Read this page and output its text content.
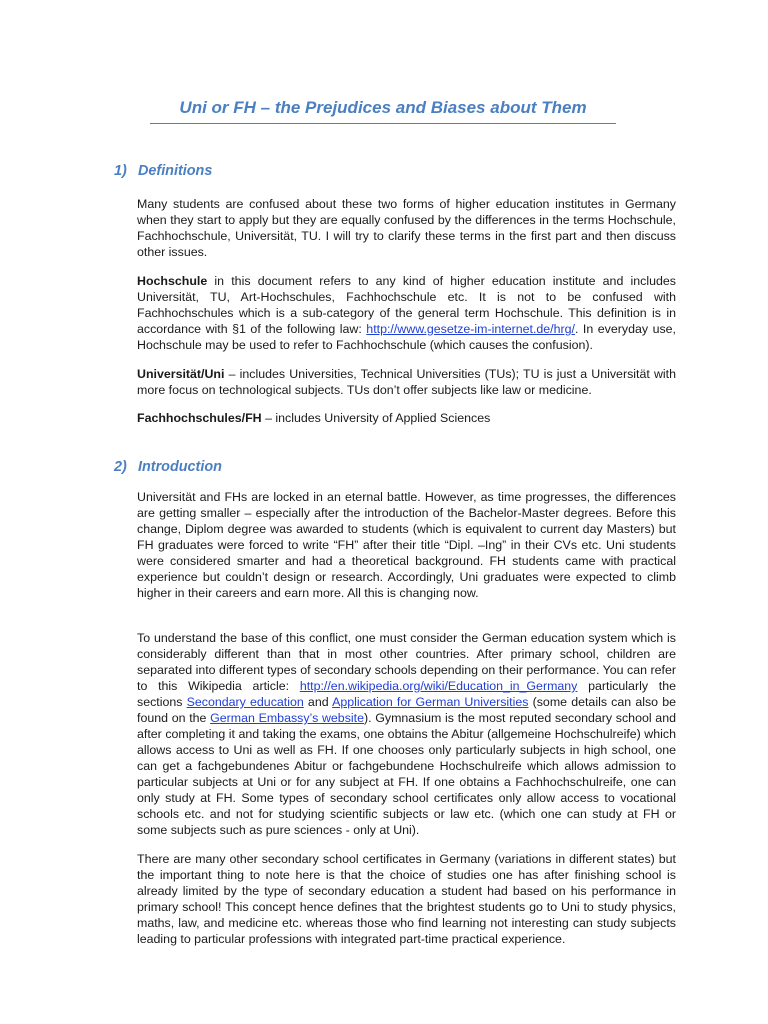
Uni or FH – the Prejudices and Biases about Them
1) Definitions

Many students are confused about these two forms of higher education institutes in Germany when they start to apply but they are equally confused by the differences in the terms Hochschule, Fachhochschule, Universität, TU. I will try to clarify these terms in the first part and then discuss other issues.

Hochschule in this document refers to any kind of higher education institute and includes Universität, TU, Art-Hochschules, Fachhochschule etc. It is not to be confused with Fachhochschules which is a sub-category of the general term Hochschule. This definition is in accordance with §1 of the following law: http://www.gesetze-im-internet.de/hrg/. In everyday use, Hochschule may be used to refer to Fachhochschule (which causes the confusion).

Universität/Uni – includes Universities, Technical Universities (TUs); TU is just a Universität with more focus on technological subjects. TUs don’t offer subjects like law or medicine.

Fachhochschules/FH – includes University of Applied Sciences

2) Introduction

Universität and FHs are locked in an eternal battle. However, as time progresses, the differences are getting smaller – especially after the introduction of the Bachelor-Master degrees. Before this change, Diplom degree was awarded to students (which is equivalent to current day Masters) but FH graduates were forced to write “FH” after their title “Dipl. –Ing” in their CVs etc. Uni students were considered smarter and had a theoretical background. FH students came with practical experience but couldn’t design or research. Accordingly, Uni graduates were expected to climb higher in their careers and earn more. All this is changing now.

To understand the base of this conflict, one must consider the German education system which is considerably different than that in most other countries. After primary school, children are separated into different types of secondary schools depending on their performance. You can refer to this Wikipedia article: http://en.wikipedia.org/wiki/Education_in_Germany particularly the sections Secondary education and Application for German Universities (some details can also be found on the German Embassy’s website). Gymnasium is the most reputed secondary school and after completing it and taking the exams, one obtains the Abitur (allgemeine Hochschulreife) which allows access to Uni as well as FH. If one chooses only particularly subjects in high school, one can get a fachgebundenes Abitur or fachgebundene Hochschulreife which allows admission to particular subjects at Uni or for any subject at FH. If one obtains a Fachhochschulreife, one can only study at FH. Some types of secondary school certificates only allow access to vocational schools etc. and not for studying scientific subjects or law etc. (which one can study at FH or some subjects such as pure sciences - only at Uni).

There are many other secondary school certificates in Germany (variations in different states) but the important thing to note here is that the choice of studies one has after finishing school is already limited by the type of secondary education a student had based on his performance in primary school! This concept hence defines that the brightest students go to Uni to study physics, maths, law, and medicine etc. whereas those who find learning not interesting can study subjects leading to particular professions with integrated part-time practical experience.
